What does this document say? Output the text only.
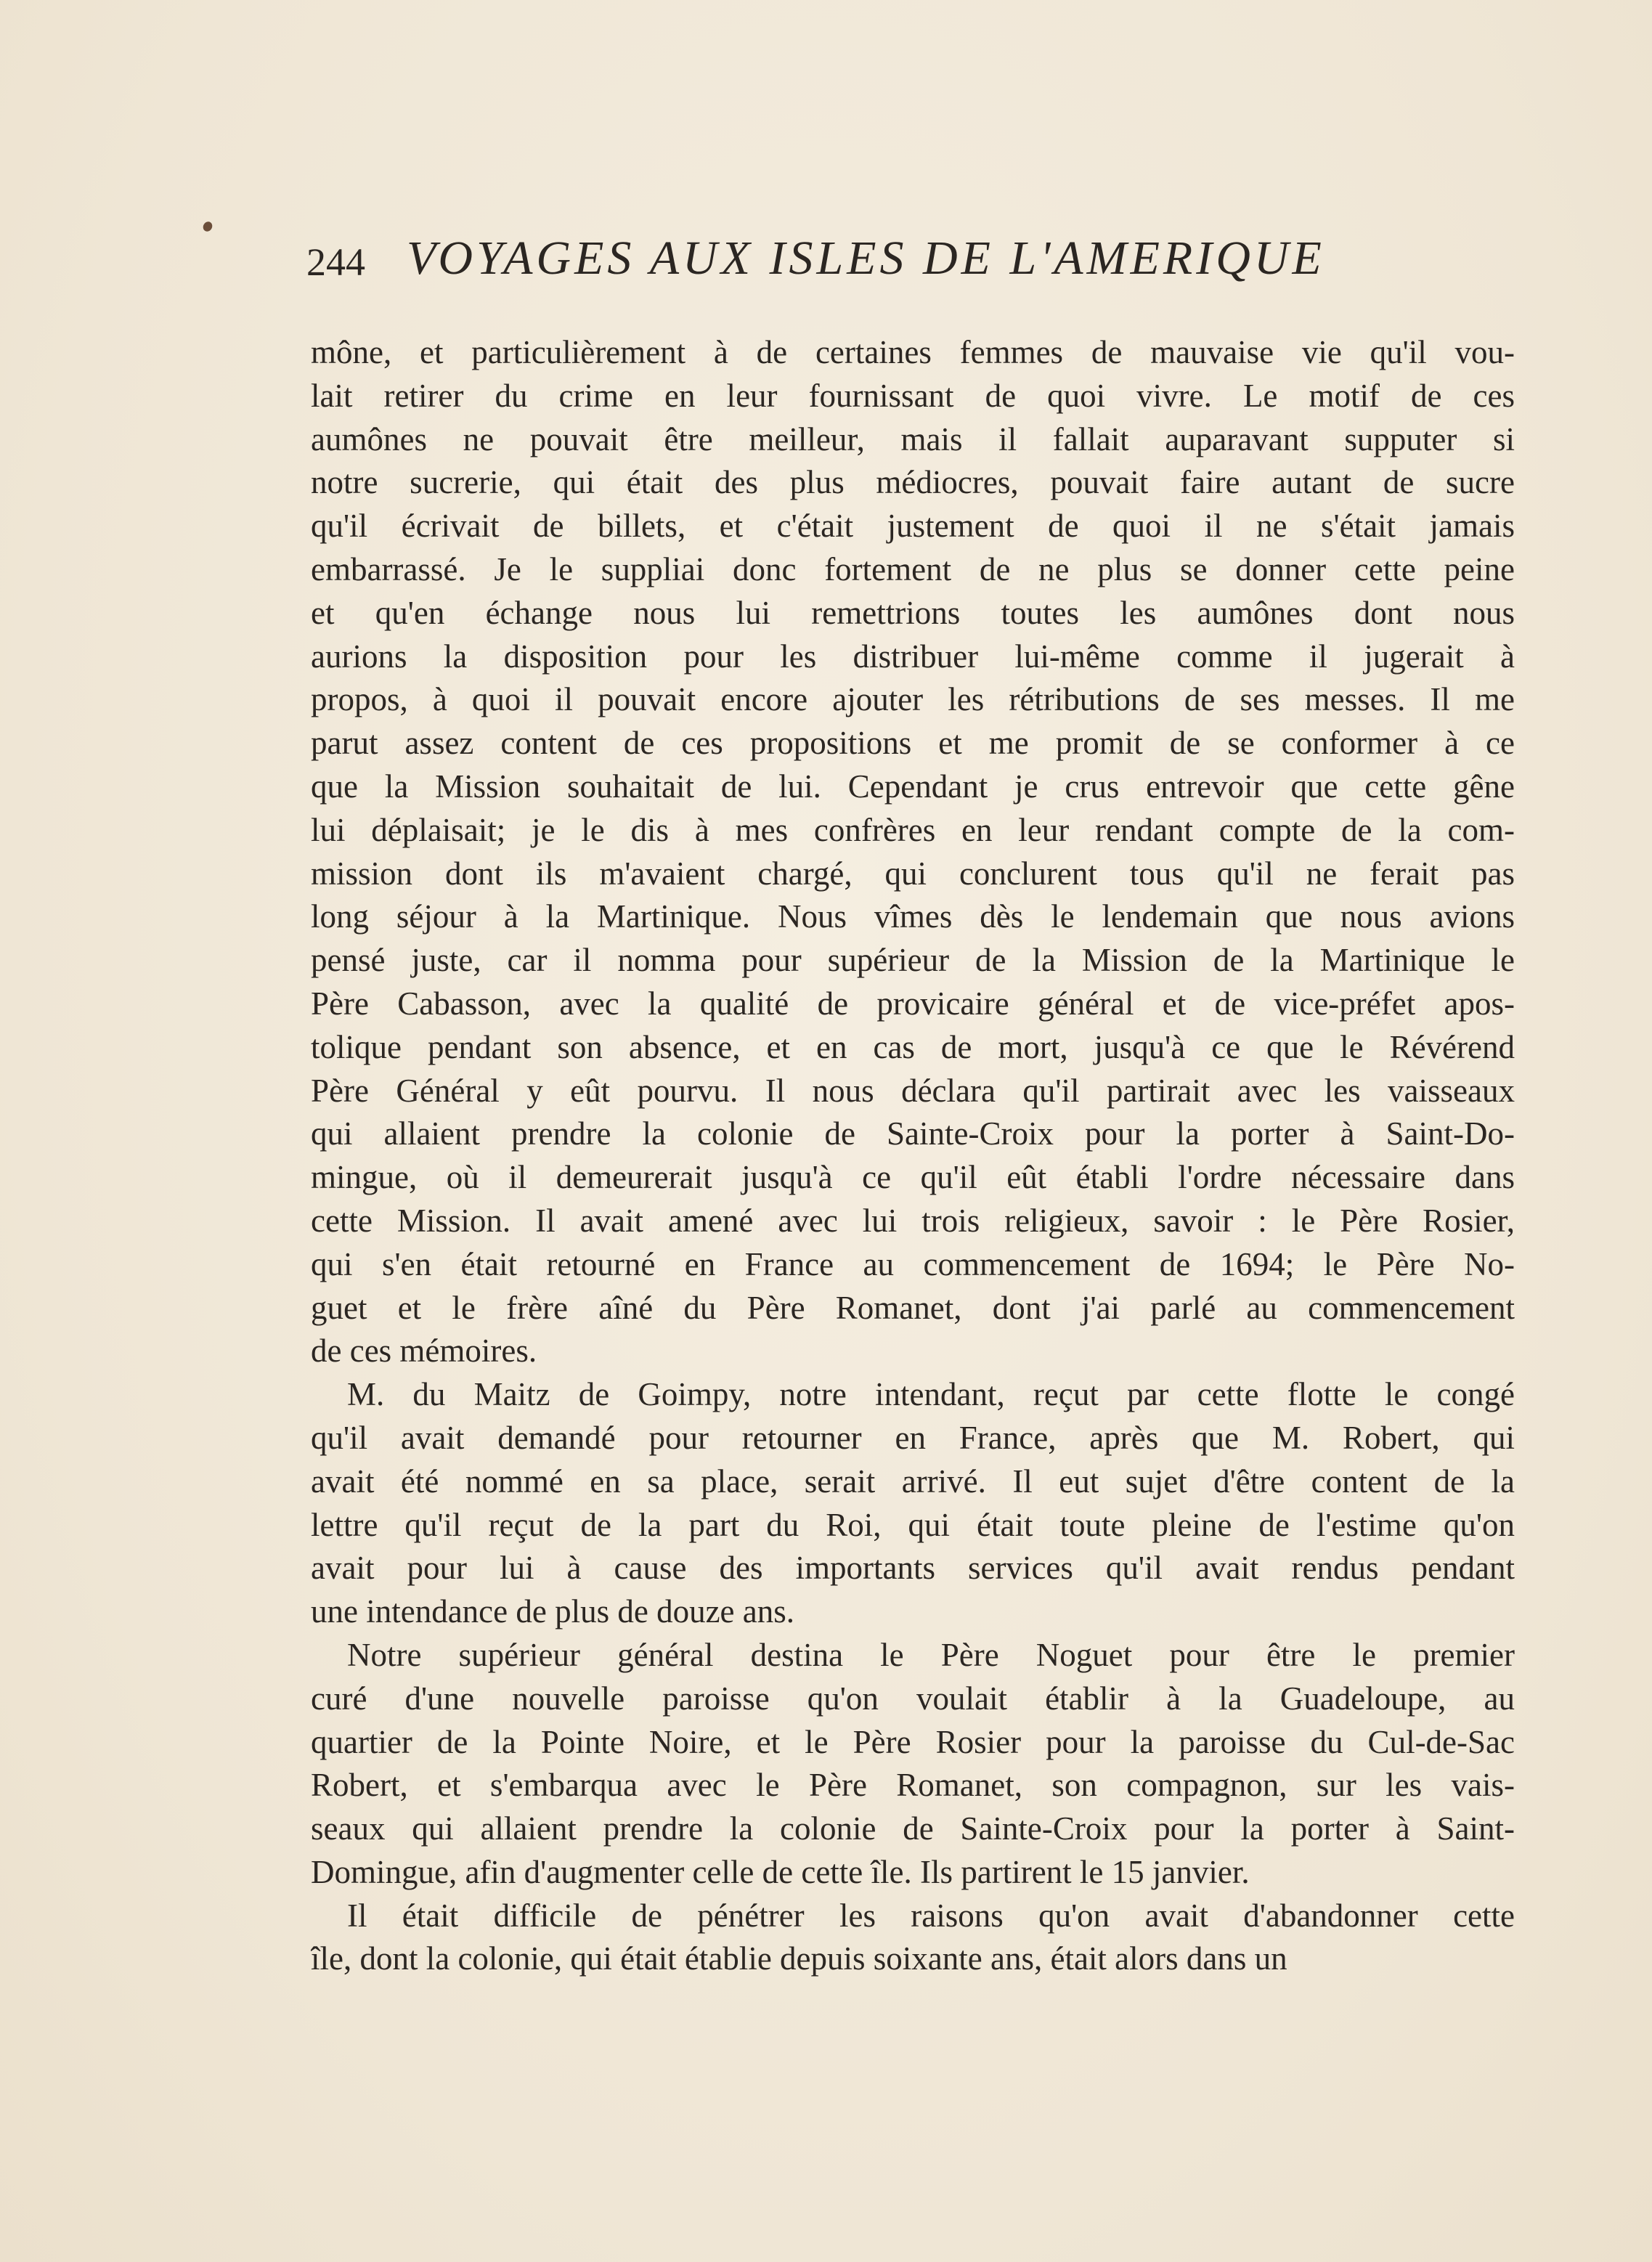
244 VOYAGES AUX ISLES DE L'AMERIQUE
mône, et particulièrement à de certaines femmes de mauvaise vie qu'il vou-
lait retirer du crime en leur fournissant de quoi vivre. Le motif de ces
aumônes ne pouvait être meilleur, mais il fallait auparavant supputer si
notre sucrerie, qui était des plus médiocres, pouvait faire autant de sucre
qu'il écrivait de billets, et c'était justement de quoi il ne s'était jamais
embarrassé. Je le suppliai donc fortement de ne plus se donner cette peine
et qu'en échange nous lui remettrions toutes les aumônes dont nous
aurions la disposition pour les distribuer lui-même comme il jugerait à
propos, à quoi il pouvait encore ajouter les rétributions de ses messes. Il me
parut assez content de ces propositions et me promit de se conformer à ce
que la Mission souhaitait de lui. Cependant je crus entrevoir que cette gêne
lui déplaisait; je le dis à mes confrères en leur rendant compte de la com-
mission dont ils m'avaient chargé, qui conclurent tous qu'il ne ferait pas
long séjour à la Martinique. Nous vîmes dès le lendemain que nous avions
pensé juste, car il nomma pour supérieur de la Mission de la Martinique le
Père Cabasson, avec la qualité de provicaire général et de vice-préfet apos-
tolique pendant son absence, et en cas de mort, jusqu'à ce que le Révérend
Père Général y eût pourvu. Il nous déclara qu'il partirait avec les vaisseaux
qui allaient prendre la colonie de Sainte-Croix pour la porter à Saint-Do-
mingue, où il demeurerait jusqu'à ce qu'il eût établi l'ordre nécessaire dans
cette Mission. Il avait amené avec lui trois religieux, savoir : le Père Rosier,
qui s'en était retourné en France au commencement de 1694; le Père No-
guet et le frère aîné du Père Romanet, dont j'ai parlé au commencement
de ces mémoires.
M. du Maitz de Goimpy, notre intendant, reçut par cette flotte le congé
qu'il avait demandé pour retourner en France, après que M. Robert, qui
avait été nommé en sa place, serait arrivé. Il eut sujet d'être content de la
lettre qu'il reçut de la part du Roi, qui était toute pleine de l'estime qu'on
avait pour lui à cause des importants services qu'il avait rendus pendant
une intendance de plus de douze ans.
Notre supérieur général destina le Père Noguet pour être le premier
curé d'une nouvelle paroisse qu'on voulait établir à la Guadeloupe, au
quartier de la Pointe Noire, et le Père Rosier pour la paroisse du Cul-de-Sac
Robert, et s'embarqua avec le Père Romanet, son compagnon, sur les vais-
seaux qui allaient prendre la colonie de Sainte-Croix pour la porter à Saint-
Domingue, afin d'augmenter celle de cette île. Ils partirent le 15 janvier.
Il était difficile de pénétrer les raisons qu'on avait d'abandonner cette
île, dont la colonie, qui était établie depuis soixante ans, était alors dans un
